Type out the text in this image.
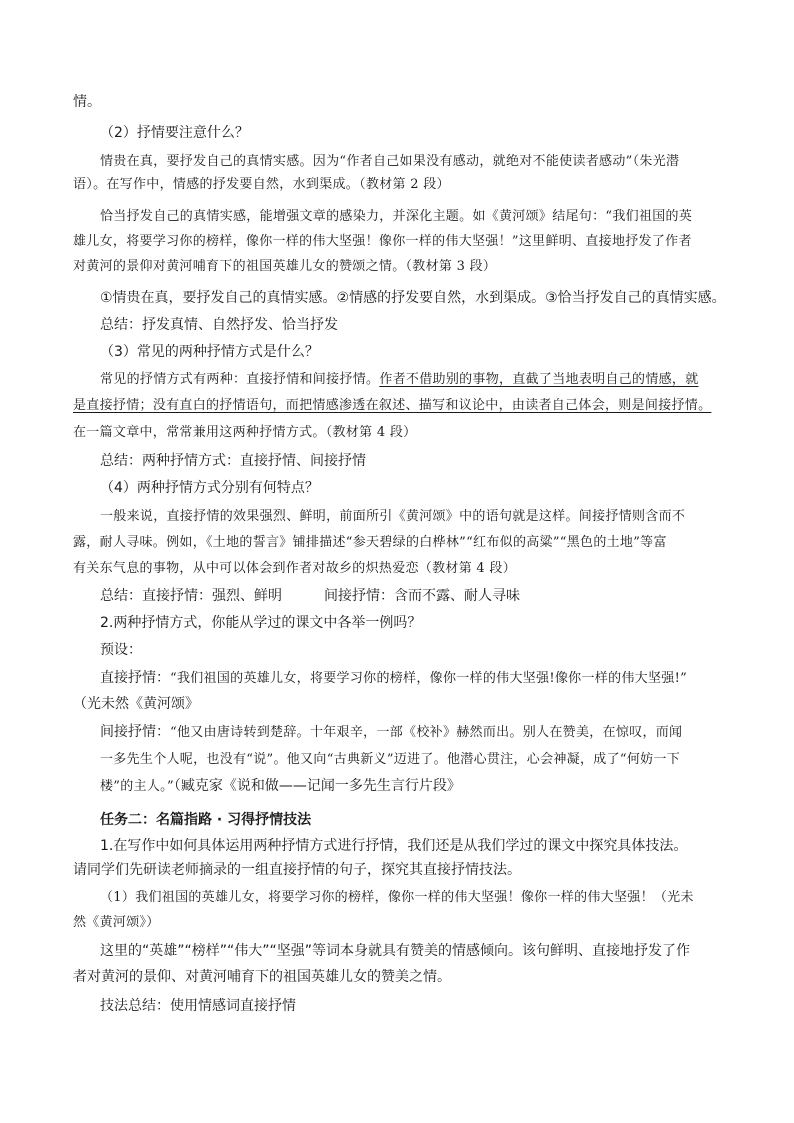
情。

（2）抒情要注意什么？

情贵在真，要抒发自己的真情实感。因为“作者自己如果没有感动，就绝对不能使读者感动”（朱光潜

语）。在写作中，情感的抒发要自然，水到渠成。（教材第 2 段）

恰当抒发自己的真情实感，能增强文章的感染力，并深化主题。如《黄河颂》结尾句：“我们祖国的英

雄儿女，将要学习你的榜样，像你一样的伟大坚强！像你一样的伟大坚强！”这里鲜明、直接地抒发了作者

对黄河的景仰对黄河哺育下的祖国英雄儿女的赞颂之情。（教材第 3 段）

①情贵在真，要抒发自己的真情实感。②情感的抒发要自然，水到渠成。③恰当抒发自己的真情实感。

总结：抒发真情、自然抒发、恰当抒发

（3）常见的两种抒情方式是什么？

常见的抒情方式有两种：直接抒情和间接抒情。作者不借助别的事物，直截了当地表明自己的情感，就

是直接抒情；没有直白的抒情语句，而把情感渗透在叙述、描写和议论中，由读者自己体会，则是间接抒情。

在一篇文章中，常常兼用这两种抒情方式。（教材第 4 段）

总结：两种抒情方式：直接抒情、间接抒情

（4）两种抒情方式分别有何特点？

一般来说，直接抒情的效果强烈、鲜明，前面所引《黄河颂》中的语句就是这样。间接抒情则含而不

露，耐人寻味。例如，《土地的誓言》铺排描述“参天碧绿的白桦林”“红布似的高粱”“黑色的土地”等富

有关东气息的事物，从中可以体会到作者对故乡的炽热爱恋（教材第 4 段）

总结：直接抒情：强烈、鲜明　　　间接抒情：含而不露、耐人寻味

2.两种抒情方式，你能从学过的课文中各举一例吗？

预设：

直接抒情：“我们祖国的英雄儿女，将要学习你的榜样，像你一样的伟大坚强!像你一样的伟大坚强!”

（光未然《黄河颂》

间接抒情：“他又由唐诗转到楚辞。十年艰辛，一部《校补》赫然而出。别人在赞美，在惊叹，而闻

一多先生个人呢，也没有“说”。他又向“古典新义”迈进了。他潜心贯注，心会神凝，成了“何妨一下

楼”的主人。”（臧克家《说和做——记闻一多先生言行片段》

任务二：名篇指路 · 习得抒情技法

1.在写作中如何具体运用两种抒情方式进行抒情，我们还是从我们学过的课文中探究具体技法。

请同学们先研读老师摘录的一组直接抒情的句子，探究其直接抒情技法。

（1）我们祖国的英雄儿女，将要学习你的榜样，像你一样的伟大坚强！像你一样的伟大坚强！（光未

然《黄河颂》）

这里的“英雄”“榜样”“伟大”“坚强”等词本身就具有赞美的情感倾向。该句鲜明、直接地抒发了作

者对黄河的景仰、对黄河哺育下的祖国英雄儿女的赞美之情。

技法总结：使用情感词直接抒情
